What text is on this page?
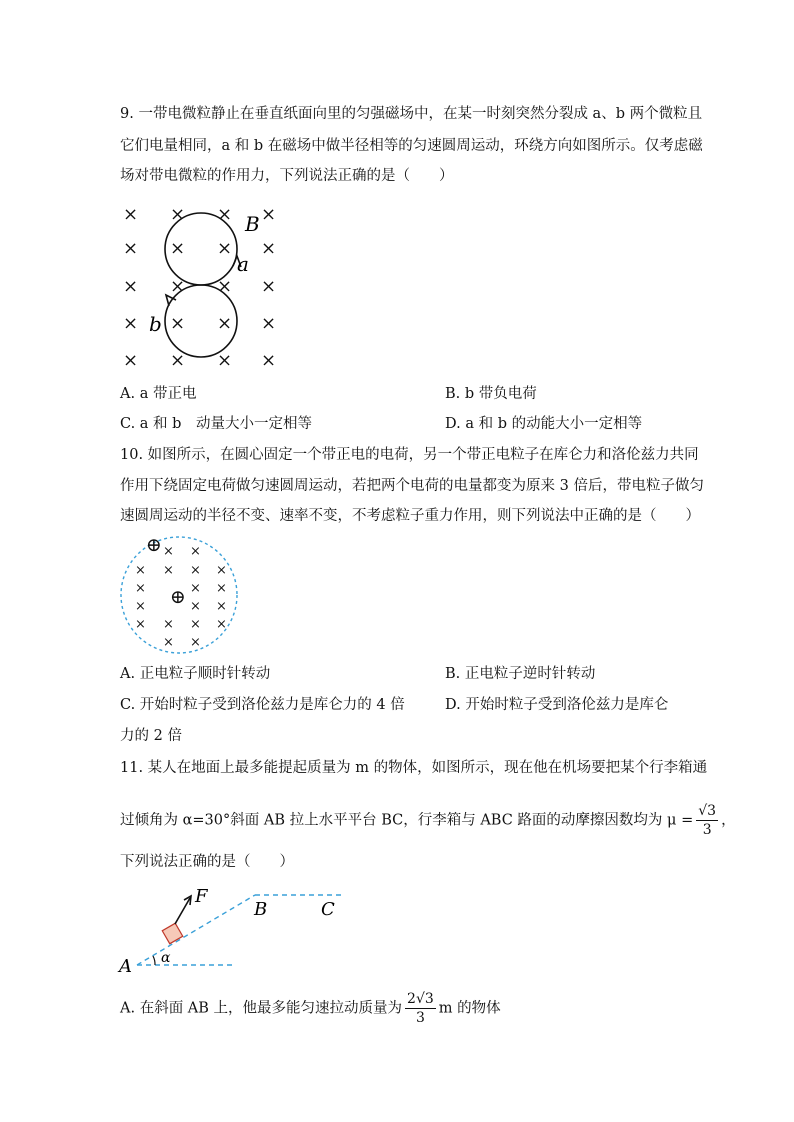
9. 一带电微粒静止在垂直纸面向里的匀强磁场中，在某一时刻突然分裂成 a、b 两个微粒且
它们电量相同，a 和 b 在磁场中做半径相等的匀速圆周运动，环绕方向如图所示。仅考虑磁
场对带电微粒的作用力，下列说法正确的是（　　）
× × × ×
× × × ×
× × × ×
× × × ×
× × × ×
B
a
b
A. a 带正电	B. b 带负电荷
C. a 和 b　动量大小一定相等	D. a 和 b 的动能大小一定相等
10. 如图所示，在圆心固定一个带正电的电荷，另一个带正电粒子在库仑力和洛伦兹力共同
作用下绕固定电荷做匀速圆周运动，若把两个电荷的电量都变为原来 3 倍后，带电粒子做匀
速圆周运动的半径不变、速率不变，不考虑粒子重力作用，则下列说法中正确的是（　　）
× ×
×
×
×
× ×
×
×
×
×
×
× × × ×
× ×
⊕
⊕
A. 正电粒子顺时针转动	B. 正电粒子逆时针转动
C. 开始时粒子受到洛伦兹力是库仑力的 4 倍	D. 开始时粒子受到洛伦兹力是库仑
力的 2 倍
11. 某人在地面上最多能提起质量为 m 的物体，如图所示，现在他在机场要把某个行李箱通
过倾角为 α=30°斜面 AB 拉上水平平台 BC，行李箱与 ABC 路面的动摩擦因数均为 $\mu = \frac{√3}{3}$ ，
下列说法正确的是（　　）
F
A α
B	C
A. 在斜面 AB 上，他最多能匀速拉动质量为 $\frac{2√3}{3}$ m 的物体
